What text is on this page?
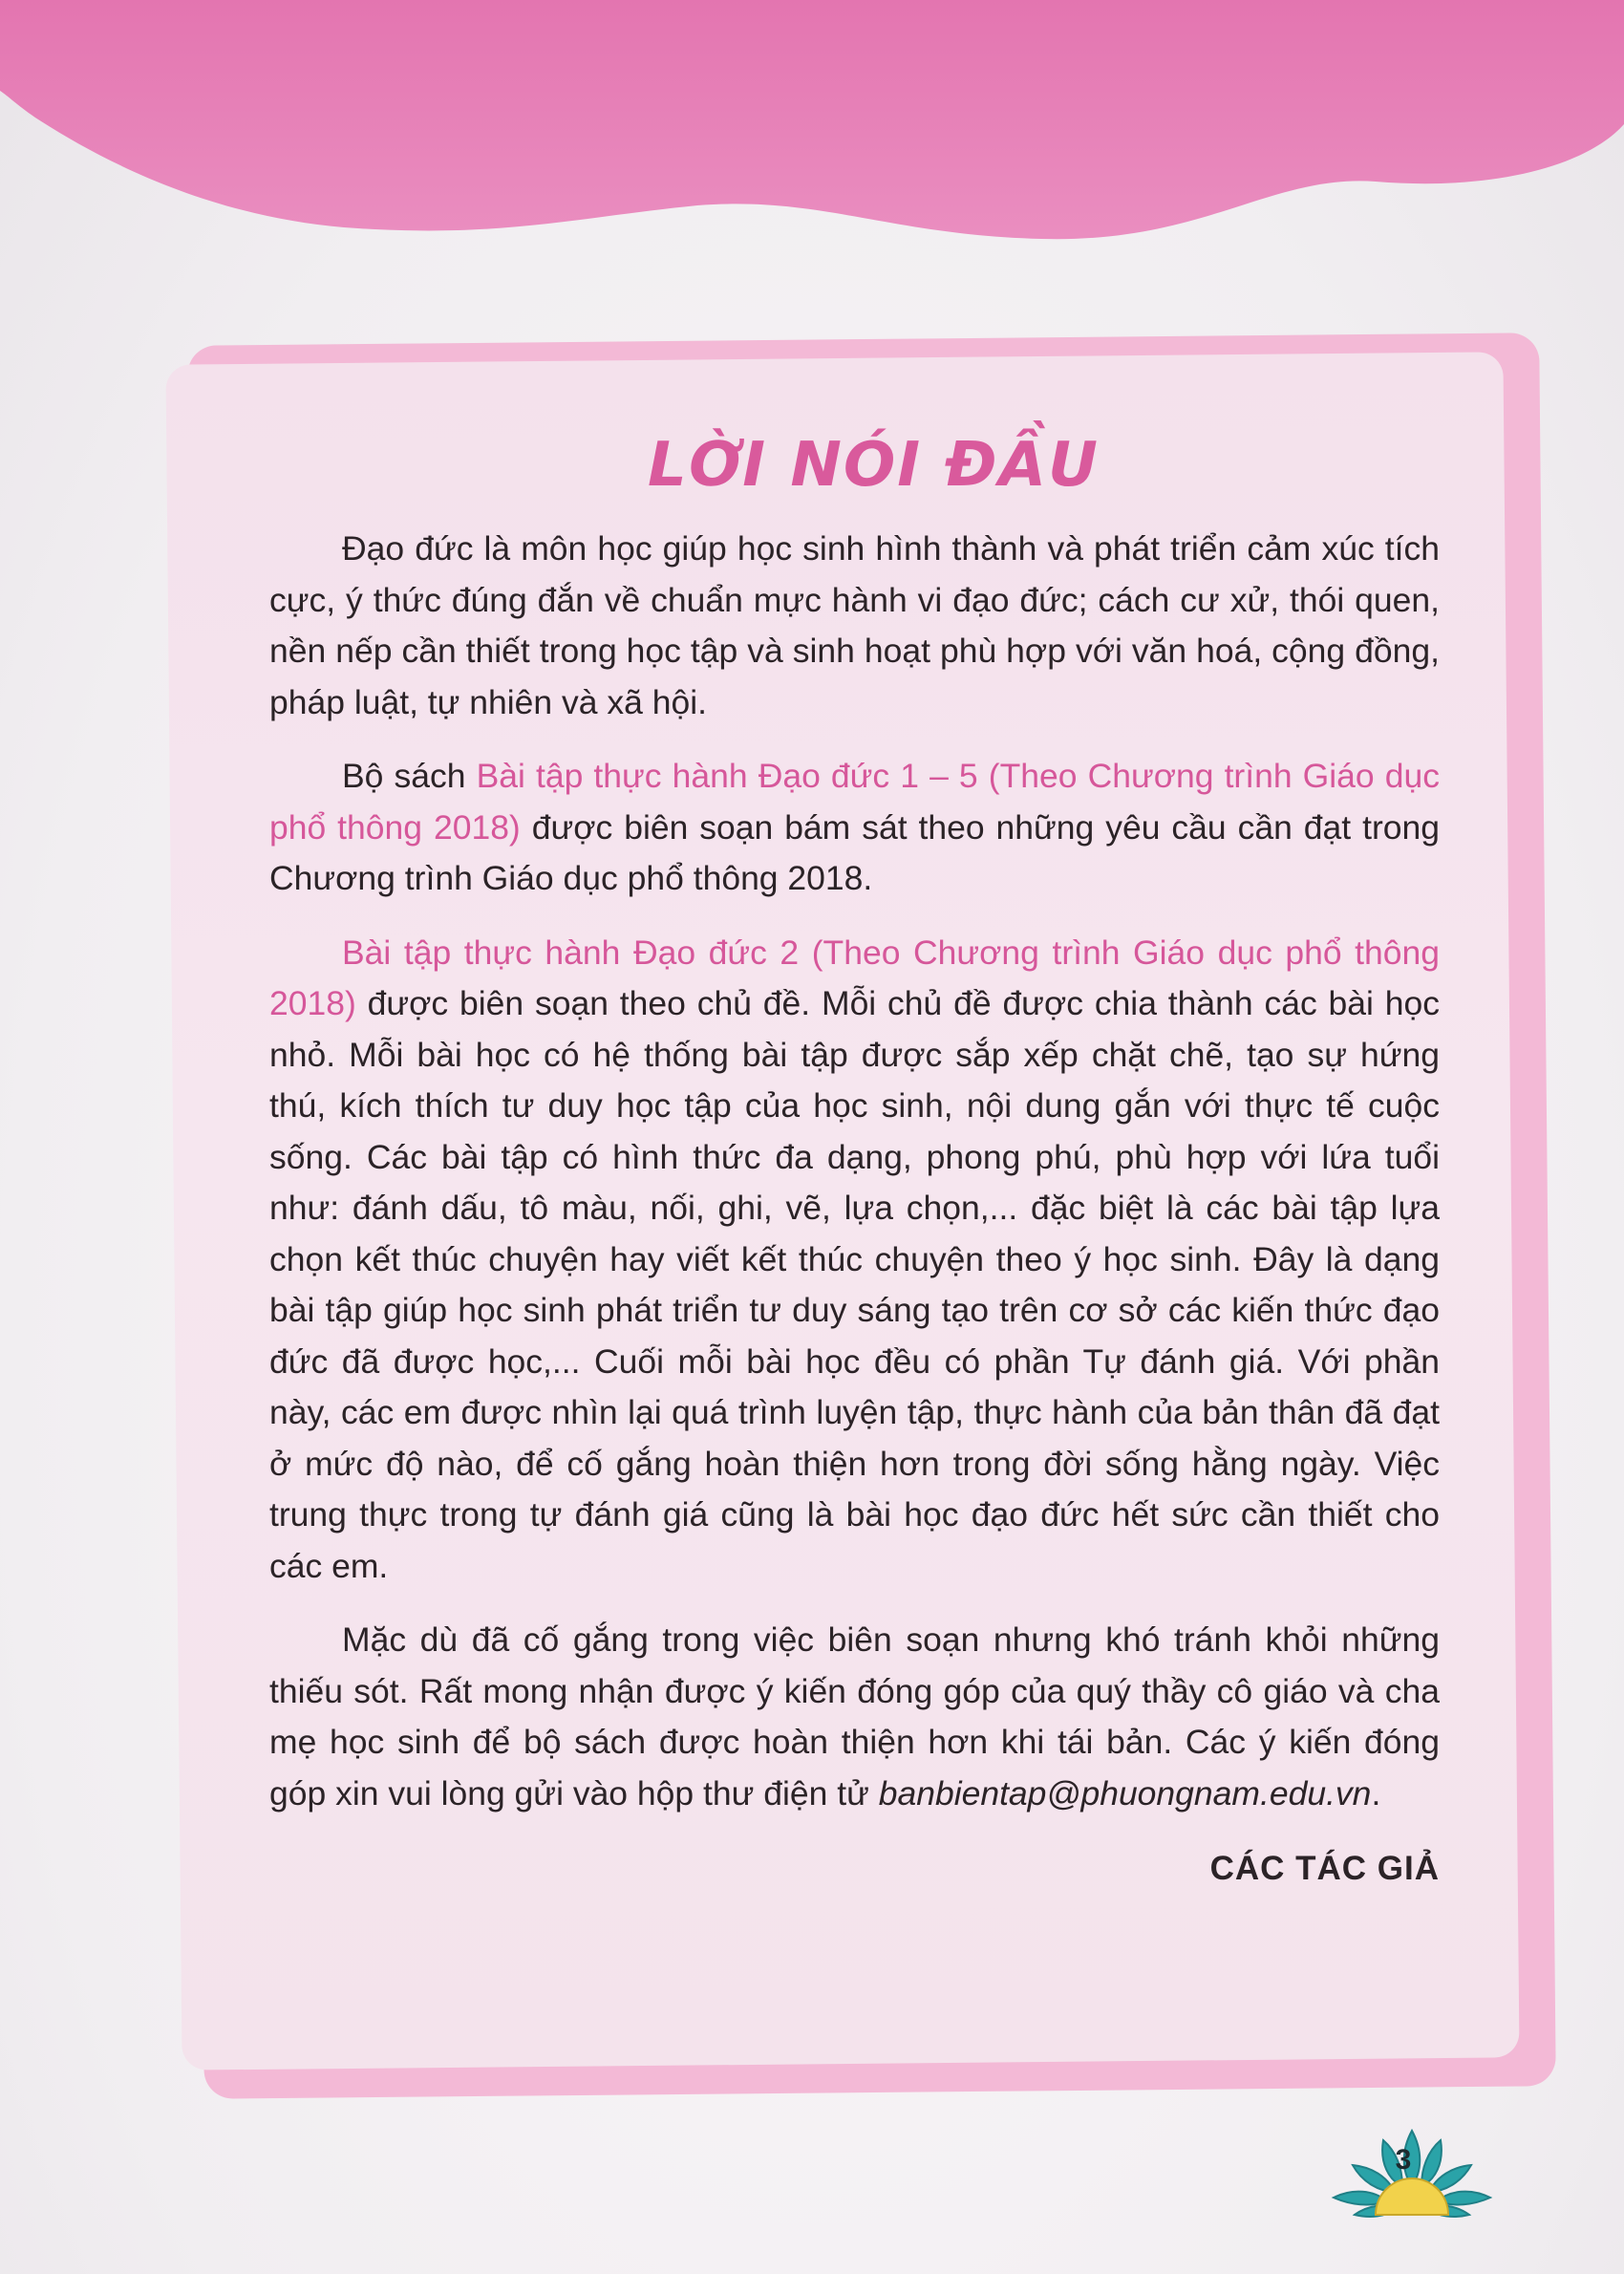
LỜI NÓI ĐẦU

Đạo đức là môn học giúp học sinh hình thành và phát triển cảm xúc tích cực, ý thức đúng đắn về chuẩn mực hành vi đạo đức; cách cư xử, thói quen, nền nếp cần thiết trong học tập và sinh hoạt phù hợp với văn hoá, cộng đồng, pháp luật, tự nhiên và xã hội.

Bộ sách Bài tập thực hành Đạo đức 1 – 5 (Theo Chương trình Giáo dục phổ thông 2018) được biên soạn bám sát theo những yêu cầu cần đạt trong Chương trình Giáo dục phổ thông 2018.

Bài tập thực hành Đạo đức 2 (Theo Chương trình Giáo dục phổ thông 2018) được biên soạn theo chủ đề. Mỗi chủ đề được chia thành các bài học nhỏ. Mỗi bài học có hệ thống bài tập được sắp xếp chặt chẽ, tạo sự hứng thú, kích thích tư duy học tập của học sinh, nội dung gắn với thực tế cuộc sống. Các bài tập có hình thức đa dạng, phong phú, phù hợp với lứa tuổi như: đánh dấu, tô màu, nối, ghi, vẽ, lựa chọn,... đặc biệt là các bài tập lựa chọn kết thúc chuyện hay viết kết thúc chuyện theo ý học sinh. Đây là dạng bài tập giúp học sinh phát triển tư duy sáng tạo trên cơ sở các kiến thức đạo đức đã được học,... Cuối mỗi bài học đều có phần Tự đánh giá. Với phần này, các em được nhìn lại quá trình luyện tập, thực hành của bản thân đã đạt ở mức độ nào, để cố gắng hoàn thiện hơn trong đời sống hằng ngày. Việc trung thực trong tự đánh giá cũng là bài học đạo đức hết sức cần thiết cho các em.

Mặc dù đã cố gắng trong việc biên soạn nhưng khó tránh khỏi những thiếu sót. Rất mong nhận được ý kiến đóng góp của quý thầy cô giáo và cha mẹ học sinh để bộ sách được hoàn thiện hơn khi tái bản. Các ý kiến đóng góp xin vui lòng gửi vào hộp thư điện tử banbientap@phuongnam.edu.vn.

CÁC TÁC GIẢ
3
